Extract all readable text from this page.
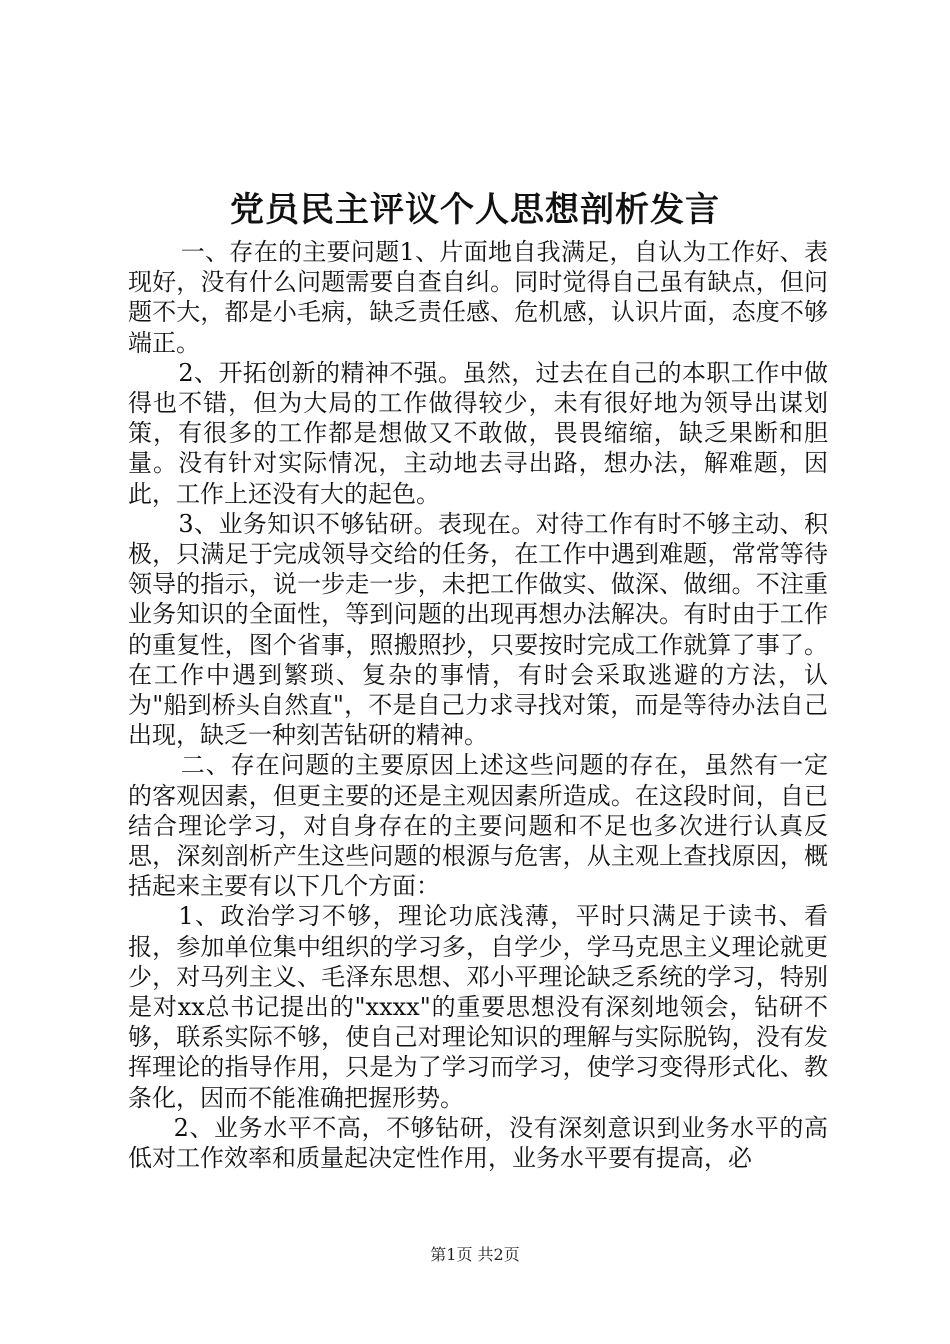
党员民主评议个人思想剖析发言

一、存在的主要问题1、片面地自我满足，自认为工作好、表现好，没有什么问题需要自查自纠。同时觉得自己虽有缺点，但问题不大，都是小毛病，缺乏责任感、危机感，认识片面，态度不够端正。

2、开拓创新的精神不强。虽然，过去在自己的本职工作中做得也不错，但为大局的工作做得较少，未有很好地为领导出谋划策，有很多的工作都是想做又不敢做，畏畏缩缩，缺乏果断和胆量。没有针对实际情况，主动地去寻出路，想办法，解难题，因此，工作上还没有大的起色。

3、业务知识不够钻研。表现在。对待工作有时不够主动、积极，只满足于完成领导交给的任务，在工作中遇到难题，常常等待领导的指示，说一步走一步，未把工作做实、做深、做细。不注重业务知识的全面性，等到问题的出现再想办法解决。有时由于工作的重复性，图个省事，照搬照抄，只要按时完成工作就算了事了。在工作中遇到繁琐、复杂的事情，有时会采取逃避的方法，认为"船到桥头自然直"，不是自己力求寻找对策，而是等待办法自己出现，缺乏一种刻苦钻研的精神。

二、存在问题的主要原因上述这些问题的存在，虽然有一定的客观因素，但更主要的还是主观因素所造成。在这段时间，自已结合理论学习，对自身存在的主要问题和不足也多次进行认真反思，深刻剖析产生这些问题的根源与危害，从主观上查找原因，概括起来主要有以下几个方面：

1、政治学习不够，理论功底浅薄，平时只满足于读书、看报，参加单位集中组织的学习多，自学少，学马克思主义理论就更少，对马列主义、毛泽东思想、邓小平理论缺乏系统的学习，特别是对xx总书记提出的"xxxx"的重要思想没有深刻地领会，钻研不够，联系实际不够，使自己对理论知识的理解与实际脱钩，没有发挥理论的指导作用，只是为了学习而学习，使学习变得形式化、教条化，因而不能准确把握形势。

2、业务水平不高，不够钻研，没有深刻意识到业务水平的高低对工作效率和质量起决定性作用，业务水平要有提高，必

第1页 共2页
